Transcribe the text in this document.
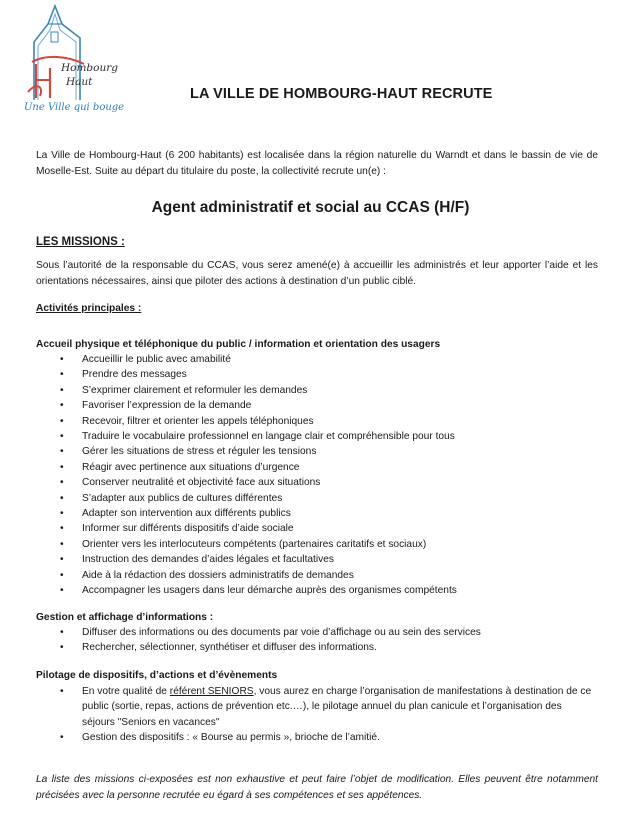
Hombourg
Haut
Une Ville qui bouge
LA VILLE DE HOMBOURG-HAUT RECRUTE

La Ville de Hombourg-Haut (6 200 habitants) est localisée dans la région naturelle du Warndt et dans le bassin de vie de Moselle-Est. Suite au départ du titulaire du poste, la collectivité recrute un(e) :

Agent administratif et social au CCAS (H/F)
LES MISSIONS :

Sous l’autorité de la responsable du CCAS, vous serez amené(e) à accueillir les administrés et leur apporter l’aide et les orientations nécessaires, ainsi que piloter des actions à destination d’un public ciblé.

Activités principales :
Accueil physique et téléphonique du public / information et orientation des usagers
• Accueillir le public avec amabilité
• Prendre des messages
• S’exprimer clairement et reformuler les demandes
• Favoriser l’expression de la demande
• Recevoir, filtrer et orienter les appels téléphoniques
• Traduire le vocabulaire professionnel en langage clair et compréhensible pour tous
• Gérer les situations de stress et réguler les tensions
• Réagir avec pertinence aux situations d’urgence
• Conserver neutralité et objectivité face aux situations
• S’adapter aux publics de cultures différentes
• Adapter son intervention aux différents publics
• Informer sur différents dispositifs d’aide sociale
• Orienter vers les interlocuteurs compétents (partenaires caritatifs et sociaux)
• Instruction des demandes d’aides légales et facultatives
• Aide à la rédaction des dossiers administratifs de demandes
• Accompagner les usagers dans leur démarche auprès des organismes compétents
Gestion et affichage d’informations :
• Diffuser des informations ou des documents par voie d’affichage ou au sein des services
• Rechercher, sélectionner, synthétiser et diffuser des informations.
Pilotage de dispositifs, d’actions et d’évènements
• En votre qualité de référent SENIORS, vous aurez en charge l’organisation de manifestations à destination de ce public (sortie, repas, actions de prévention etc.…), le pilotage annuel du plan canicule et l’organisation des séjours "Seniors en vacances"
• Gestion des dispositifs : « Bourse au permis », brioche de l’amitié.

La liste des missions ci-exposées est non exhaustive et peut faire l’objet de modification. Elles peuvent être notamment précisées avec la personne recrutée eu égard à ses compétences et ses appétences.
